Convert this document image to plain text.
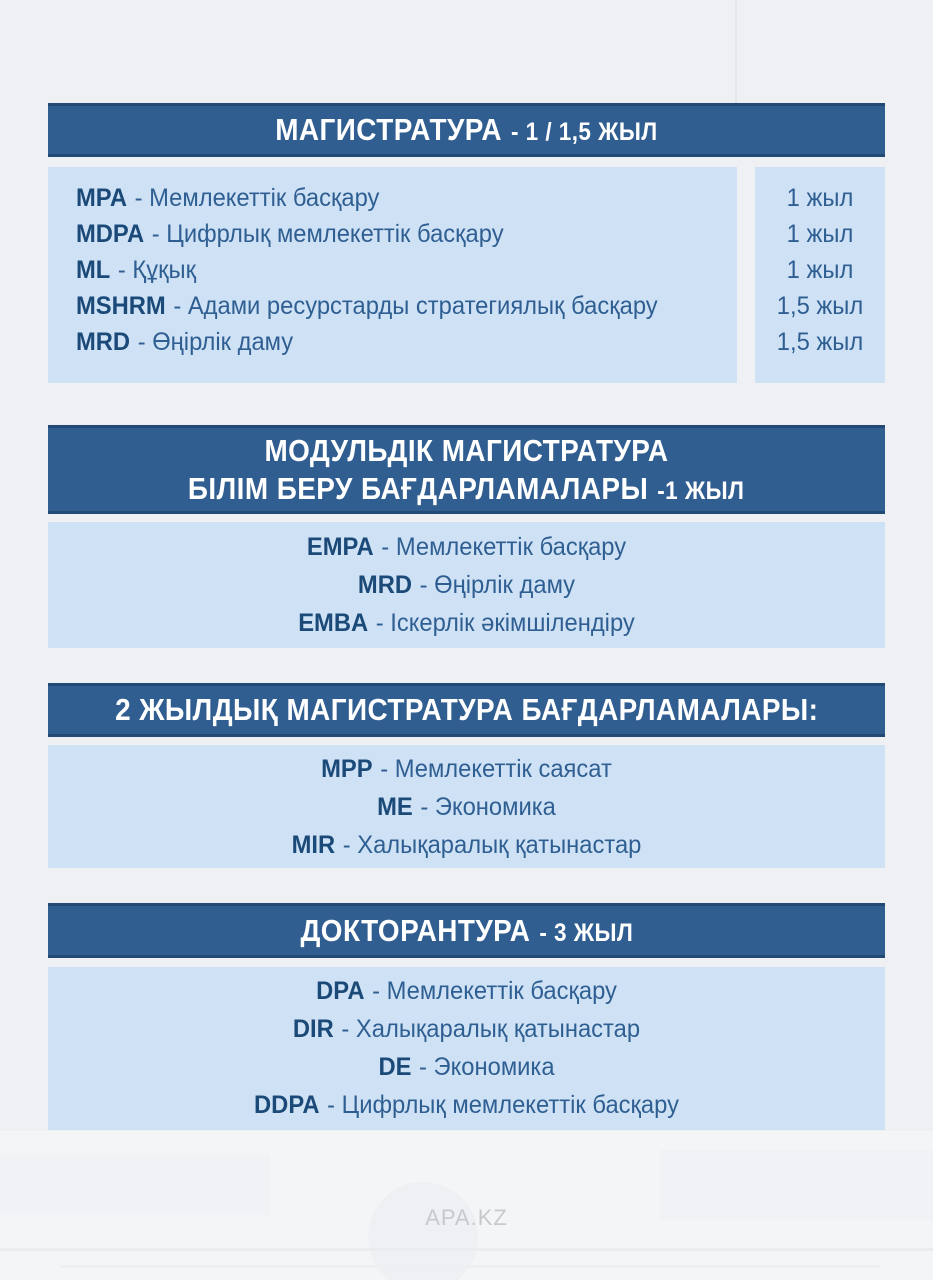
МАГИСТРАТУРА - 1 / 1,5 ЖЫЛ
MPA - Мемлекеттік басқару
MDPA - Цифрлық мемлекеттік басқару
ML - Құқық
MSHRM - Адами ресурстарды стратегиялық басқару
MRD - Өңірлік даму
1 жыл
1 жыл
1 жыл
1,5 жыл
1,5 жыл
МОДУЛЬДІК МАГИСТРАТУРА
БІЛІМ БЕРУ БАҒДАРЛАМАЛАРЫ -1 ЖЫЛ
EMPA - Мемлекеттік басқару
MRD - Өңірлік даму
EMBA - Іскерлік әкімшілендіру
2 ЖЫЛДЫҚ МАГИСТРАТУРА БАҒДАРЛАМАЛАРЫ:
MPP - Мемлекеттік саясат
ME - Экономика
MIR - Халықаралық қатынастар
ДОКТОРАНТУРА - 3 ЖЫЛ
DPA - Мемлекеттік басқару
DIR - Халықаралық қатынастар
DE - Экономика
DDPA - Цифрлық мемлекеттік басқару
APA.KZ
